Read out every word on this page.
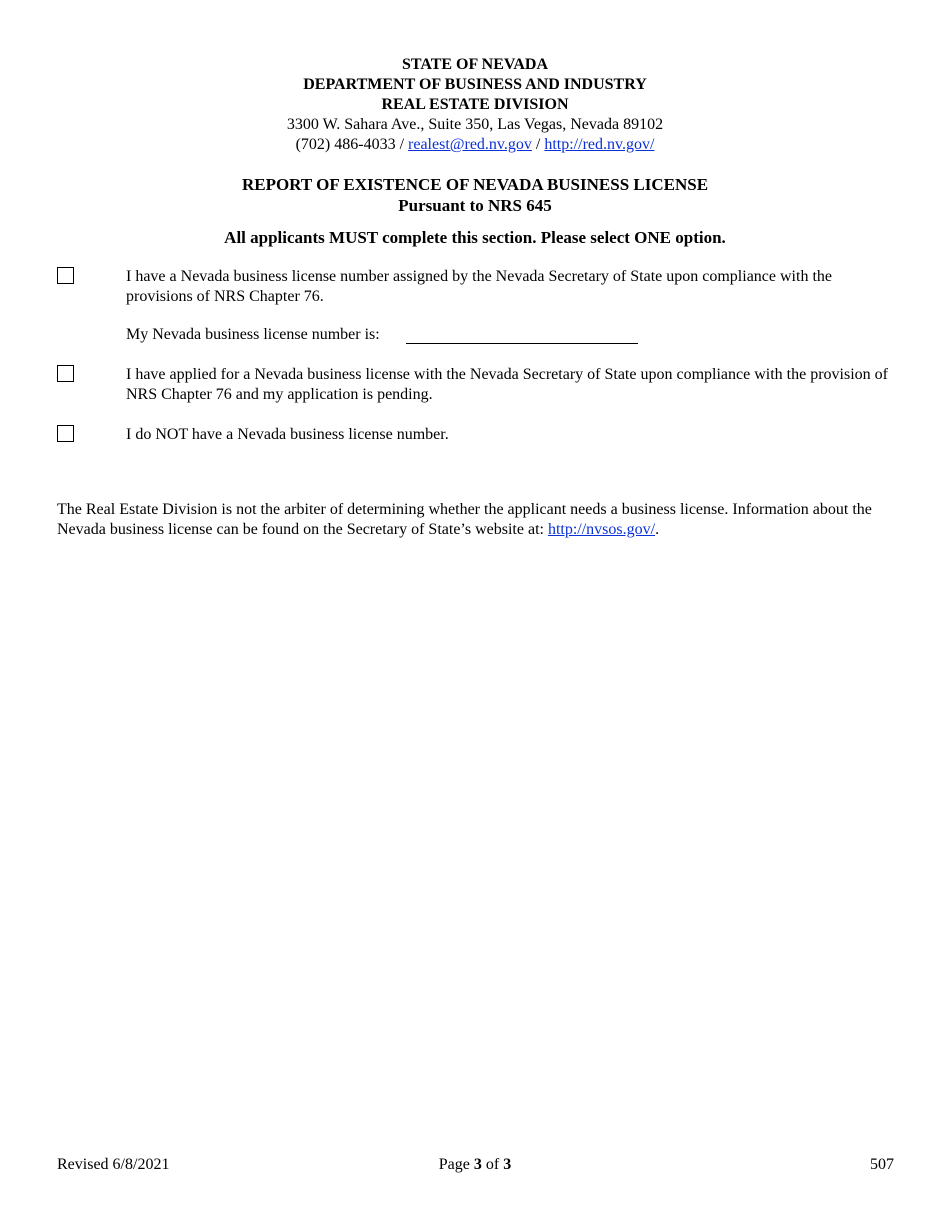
STATE OF NEVADA
DEPARTMENT OF BUSINESS AND INDUSTRY
REAL ESTATE DIVISION
3300 W. Sahara Ave., Suite 350, Las Vegas, Nevada 89102
(702) 486-4033 / realest@red.nv.gov / http://red.nv.gov/
REPORT OF EXISTENCE OF NEVADA BUSINESS LICENSE
Pursuant to NRS 645
All applicants MUST complete this section. Please select ONE option.
I have a Nevada business license number assigned by the Nevada Secretary of State upon compliance with the provisions of NRS Chapter 76.
My Nevada business license number is:
I have applied for a Nevada business license with the Nevada Secretary of State upon compliance with the provision of NRS Chapter 76 and my application is pending.
I do NOT have a Nevada business license number.
The Real Estate Division is not the arbiter of determining whether the applicant needs a business license. Information about the Nevada business license can be found on the Secretary of State’s website at: http://nvsos.gov/.
Revised 6/8/2021	Page 3 of 3	507
